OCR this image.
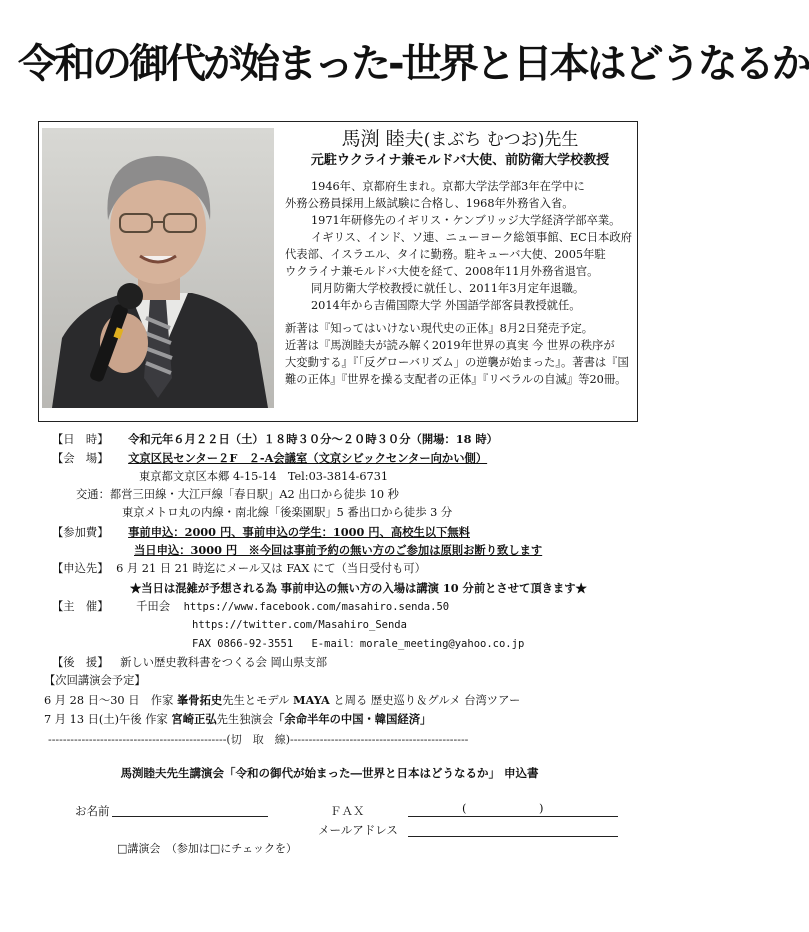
令和の御代が始まった-世界と日本はどうなるか
馬渕 睦夫(まぶち むつお)先生
元駐ウクライナ兼モルドバ大使、前防衛大学校教授

1946年、京都府生まれ。京都大学法学部3年在学中に

外務公務員採用上級試験に合格し、1968年外務省入省。

1971年研修先のイギリス・ケンブリッジ大学経済学部卒業。

イギリス、インド、ソ連、ニューヨーク総領事館、EC日本政府

代表部、イスラエル、タイに勤務。駐キューバ大使、2005年駐

ウクライナ兼モルドバ大使を経て、2008年11月外務省退官。

同月防衛大学校教授に就任し、2011年3月定年退職。

2014年から吉備国際大学 外国語学部客員教授就任。

新著は『知ってはいけない現代史の正体』8月2日発売予定。

近著は『馬渕睦夫が読み解く2019年世界の真実 今 世界の秩序が

大変動する』『「反グローバリズム」の逆襲が始まった』。著書は『国

難の正体』『世界を操る支配者の正体』『リベラルの自滅』等20冊。

【日　時】 令和元年６月２２日（土）１８時３０分～２０時３０分（開場：18 時）
【会　場】 文京区民センター２F　２-A会議室（文京シビックセンター向かい側）
東京都文京区本郷 4-15-14　Tel:03-3814-6731
交通：都営三田線・大江戸線「春日駅」A2 出口から徒歩 10 秒
東京メトロ丸の内線・南北線「後楽園駅」5 番出口から徒歩 3 分
【参加費】 事前申込：2000 円、事前申込の学生：1000 円、高校生以下無料
当日申込：3000 円　※今回は事前予約の無い方のご参加は原則お断り致します
【申込先】 6 月 21 日 21 時迄にメール又は FAX にて（当日受付も可）
★当日は混雑が予想される為 事前申込の無い方の入場は講演 10 分前とさせて頂きます★
【主　催】 千田会 https://www.facebook.com/masahiro.senda.50
https://twitter.com/Masahiro_Senda
FAX 0866-92-3551 E-mail：morale_meeting@yahoo.co.jp
【後　援】 新しい歴史教科書をつくる会 岡山県支部
【次回講演会予定】
6 月 28 日～30 日　作家 峯骨拓史先生とモデル MAYA と周る 歴史巡り＆グルメ 台湾ツアー
7 月 13 日(土)午後 作家 宮崎正弘先生独演会「余命半年の中国・韓国経済」
------------------------------------------------(切　取　線)------------------------------------------------
馬渕睦夫先生講演会「令和の御代が始まった―世界と日本はどうなるか」 申込書
お名前	ＦＡＸ	(	)
メールアドレス
□講演会　（参加は□にチェックを）
